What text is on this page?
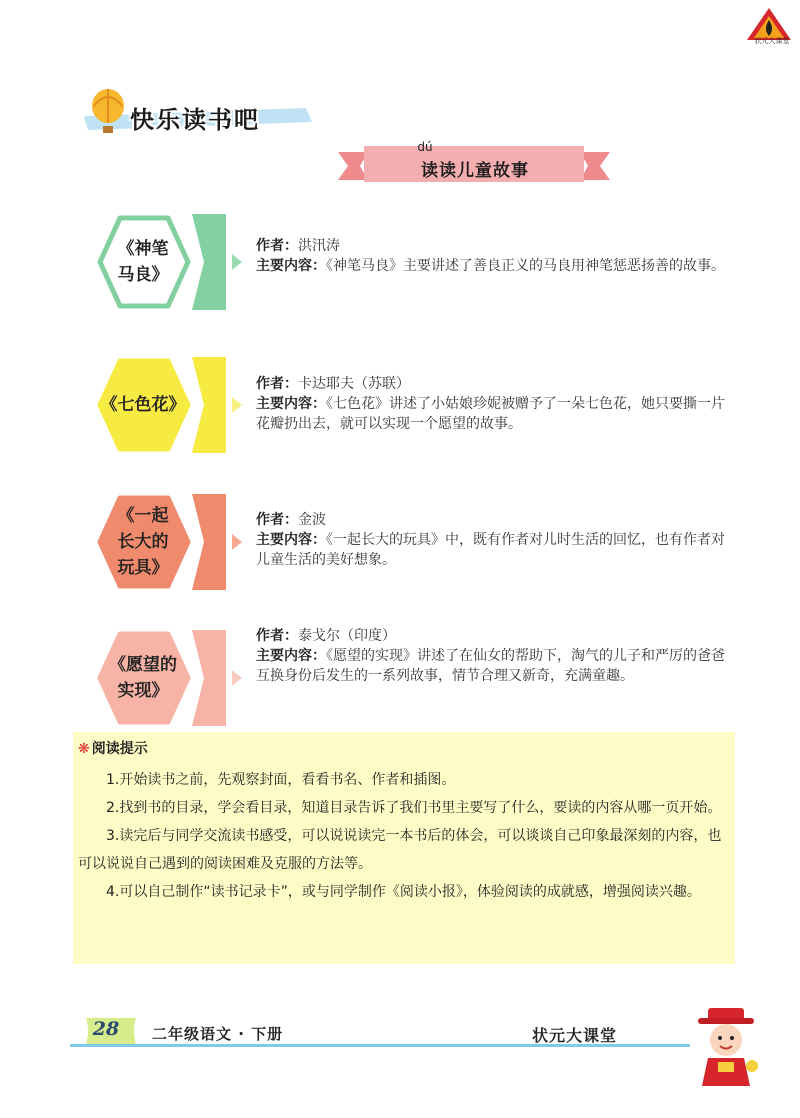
状元大课堂
快乐读书吧
dú
读读儿童故事
《神笔
马良》
《七色花》
《一起
长大的
玩具》
《愿望的
实现》
作者：洪汛涛
主要内容：《神笔马良》主要讲述了善良正义的马良用神笔惩恶扬善的故事。
作者：卡达耶夫（苏联）
主要内容：《七色花》讲述了小姑娘珍妮被赠予了一朵七色花，她只要撕一片花瓣扔出去，就可以实现一个愿望的故事。
作者：金波
主要内容：《一起长大的玩具》中，既有作者对儿时生活的回忆，也有作者对儿童生活的美好想象。
作者：泰戈尔（印度）
主要内容：《愿望的实现》讲述了在仙女的帮助下，淘气的儿子和严厉的爸爸互换身份后发生的一系列故事，情节合理又新奇，充满童趣。
❋ 阅读提示

1.开始读书之前，先观察封面，看看书名、作者和插图。

2.找到书的目录，学会看目录，知道目录告诉了我们书里主要写了什么，要读的内容从哪一页开始。

3.读完后与同学交流读书感受，可以说说读完一本书后的体会，可以谈谈自己印象最深刻的内容，也可以说说自己遇到的阅读困难及克服的方法等。

4.可以自己制作“读书记录卡”，或与同学制作《阅读小报》，体验阅读的成就感，增强阅读兴趣。

28	二年级语文 · 下册	状元大课堂
